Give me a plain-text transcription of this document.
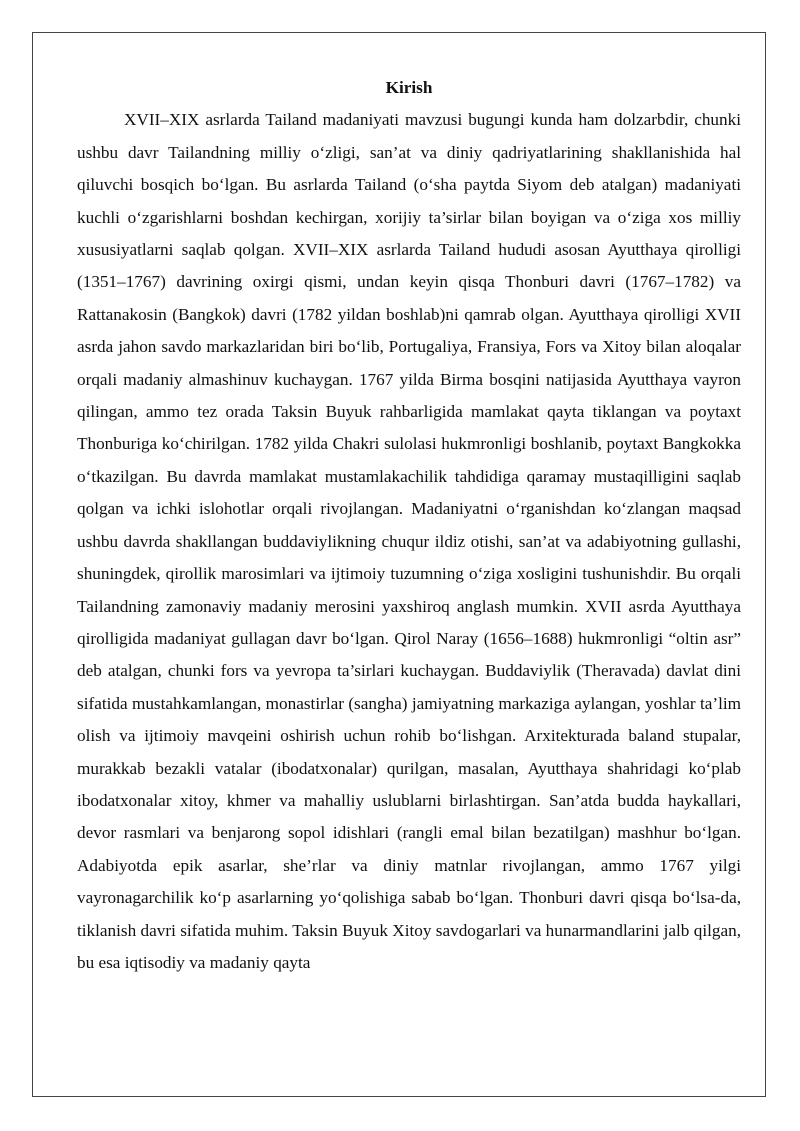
Kirish

XVII–XIX asrlarda Tailand madaniyati mavzusi bugungi kunda ham dolzarbdir, chunki ushbu davr Tailandning milliy o‘zligi, san’at va diniy qadriyatlarining shakllanishida hal qiluvchi bosqich bo‘lgan. Bu asrlarda Tailand (o‘sha paytda Siyom deb atalgan) madaniyati kuchli o‘zgarishlarni boshdan kechirgan, xorijiy ta’sirlar bilan boyigan va o‘ziga xos milliy xususiyatlarni saqlab qolgan. XVII–XIX asrlarda Tailand hududi asosan Ayutthaya qirolligi (1351–1767) davrining oxirgi qismi, undan keyin qisqa Thonburi davri (1767–1782) va Rattanakosin (Bangkok) davri (1782 yildan boshlab)ni qamrab olgan. Ayutthaya qirolligi XVII asrda jahon savdo markazlaridan biri bo‘lib, Portugaliya, Fransiya, Fors va Xitoy bilan aloqalar orqali madaniy almashinuv kuchaygan. 1767 yilda Birma bosqini natijasida Ayutthaya vayron qilingan, ammo tez orada Taksin Buyuk rahbarligida mamlakat qayta tiklangan va poytaxt Thonburiga ko‘chirilgan. 1782 yilda Chakri sulolasi hukmronligi boshlanib, poytaxt Bangkokka o‘tkazilgan. Bu davrda mamlakat mustamlakachilik tahdidiga qaramay mustaqilligini saqlab qolgan va ichki islohotlar orqali rivojlangan. Madaniyatni o‘rganishdan ko‘zlangan maqsad ushbu davrda shakllangan buddaviylikning chuqur ildiz otishi, san’at va adabiyotning gullashi, shuningdek, qirollik marosimlari va ijtimoiy tuzumning o‘ziga xosligini tushunishdir. Bu orqali Tailandning zamonaviy madaniy merosini yaxshiroq anglash mumkin. XVII asrda Ayutthaya qirolligida madaniyat gullagan davr bo‘lgan. Qirol Naray (1656–1688) hukmronligi “oltin asr” deb atalgan, chunki fors va yevropa ta’sirlari kuchaygan. Buddaviylik (Theravada) davlat dini sifatida mustahkamlangan, monastirlar (sangha) jamiyatning markaziga aylangan, yoshlar ta’lim olish va ijtimoiy mavqeini oshirish uchun rohib bo‘lishgan. Arxitekturada baland stupalar, murakkab bezakli vatalar (ibodatxonalar) qurilgan, masalan, Ayutthaya shahridagi ko‘plab ibodatxonalar xitoy, khmer va mahalliy uslublarni birlashtirgan. San’atda budda haykallari, devor rasmlari va benjarong sopol idishlari (rangli emal bilan bezatilgan) mashhur bo‘lgan. Adabiyotda epik asarlar, she’rlar va diniy matnlar rivojlangan, ammo 1767 yilgi vayronagarchilik ko‘p asarlarning yo‘qolishiga sabab bo‘lgan. Thonburi davri qisqa bo‘lsa-da, tiklanish davri sifatida muhim. Taksin Buyuk Xitoy savdogarlari va hunarmandlarini jalb qilgan, bu esa iqtisodiy va madaniy qayta
